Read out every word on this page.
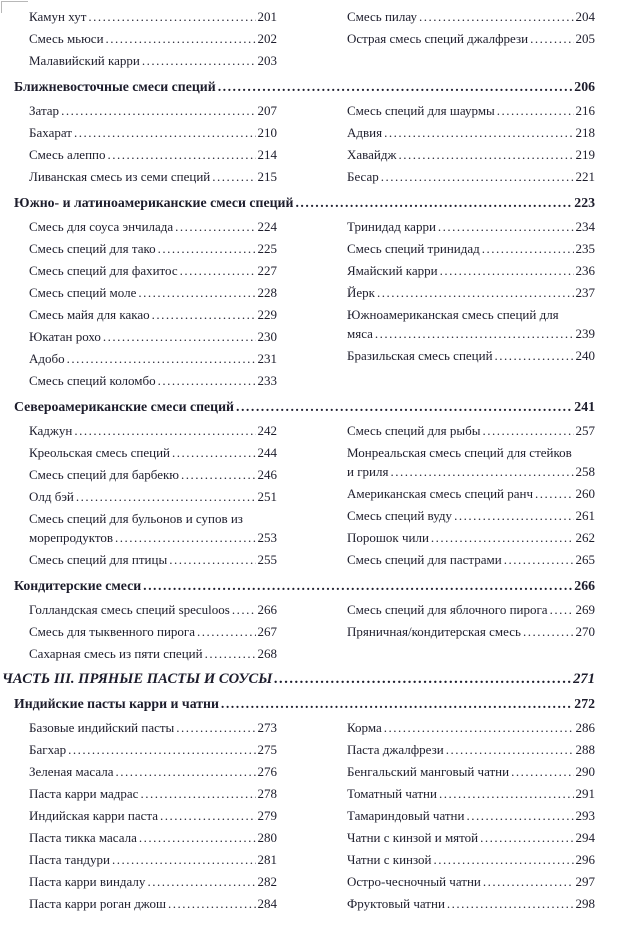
Камун хут .....	201
Смесь мьюси .....	202
Малавийский карри .....	203
Смесь пилау .....	204
Острая смесь специй джалфрези .....	205
Ближневосточные смеси специй .....	206
Затар .....	207
Бахарат .....	210
Смесь алеппо .....	214
Ливанская смесь из семи специй .....	215
Смесь специй для шаурмы .....	216
Адвия .....	218
Хавайдж .....	219
Бесар .....	221
Южно- и латиноамериканские смеси специй .....	223
Смесь для соуса энчилада .....	224
Смесь специй для тако .....	225
Смесь специй для фахитос .....	227
Смесь специй моле .....	228
Смесь майя для какао .....	229
Юкатан рохо .....	230
Адобо .....	231
Смесь специй коломбо .....	233
Тринидад карри .....	234
Смесь специй тринидад .....	235
Ямайский карри .....	236
Йерк .....	237
Южноамериканская смесь специй для
мяса .....	239
Бразильская смесь специй .....	240
Североамериканские смеси специй .....	241
Каджун .....	242
Креольская смесь специй .....	244
Смесь специй для барбекю .....	246
Олд бэй .....	251
Смесь специй для бульонов и супов из
морепродуктов .....	253
Смесь специй для птицы .....	255
Смесь специй для рыбы .....	257
Монреальская смесь специй для стейков
и гриля .....	258
Американская смесь специй ранч .....	260
Смесь специй вуду .....	261
Порошок чили .....	262
Смесь специй для пастрами .....	265
Кондитерские смеси .....	266
Голландская смесь специй speculoos ..... 266
Смесь для тыквенного пирога .....	267
Сахарная смесь из пяти специй .....	268
Смесь специй для яблочного пирога ..... 269
Пряничная/кондитерская смесь .....	270
ЧАСТЬ III. ПРЯНЫЕ ПАСТЫ И СОУСЫ .....	271
Индийские пасты карри и чатни .....	272
Базовые индийский пасты .....	273
Багхар .....	275
Зеленая масала .....	276
Паста карри мадрас .....	278
Индийская карри паста .....	279
Паста тикка масала .....	280
Паста тандури .....	281
Паста карри виндалу .....	282
Паста карри роган джош .....	284
Корма .....	286
Паста джалфрези .....	288
Бенгальский манговый чатни .....	290
Томатный чатни .....	291
Тамариндовый чатни .....	293
Чатни с кинзой и мятой .....	294
Чатни с кинзой .....	296
Остро-чесночный чатни .....	297
Фруктовый чатни .....	298
